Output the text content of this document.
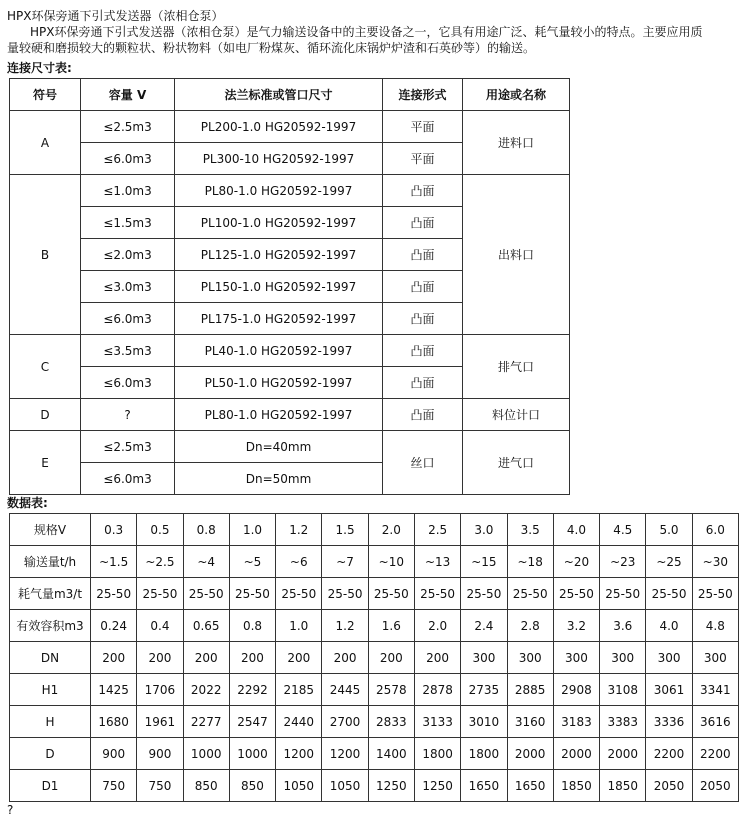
HPX环保旁通下引式发送器（浓相仓泵）

HPX环保旁通下引式发送器（浓相仓泵）是气力输送设备中的主要设备之一，它具有用途广泛、耗气量较小的特点。主要应用质量较硬和磨损较大的颗粒状、粉状物料（如电厂粉煤灰、循环流化床锅炉炉渣和石英砂等）的输送。

连接尺寸表:
符号	容量 V	法兰标准或管口尺寸	连接形式	用途或名称
A	≤2.5m3	PL200-1.0 HG20592-1997	平面	进料口
	≤6.0m3	PL300-10 HG20592-1997	平面	
B	≤1.0m3	PL80-1.0 HG20592-1997	凸面	出料口
	≤1.5m3	PL100-1.0 HG20592-1997	凸面	
	≤2.0m3	PL125-1.0 HG20592-1997	凸面	
	≤3.0m3	PL150-1.0 HG20592-1997	凸面	
	≤6.0m3	PL175-1.0 HG20592-1997	凸面	
C	≤3.5m3	PL40-1.0 HG20592-1997	凸面	排气口
	≤6.0m3	PL50-1.0 HG20592-1997	凸面	
D	?	PL80-1.0 HG20592-1997	凸面	料位计口
E	≤2.5m3	Dn=40mm	丝口	进气口
	≤6.0m3	Dn=50mm		
数据表:
规格V	0.3	0.5	0.8	1.0	1.2	1.5	2.0	2.5	3.0	3.5	4.0	4.5	5.0	6.0
输送量t/h	~1.5	~2.5	~4	~5	~6	~7	~10	~13	~15	~18	~20	~23	~25	~30
耗气量m3/t	25-50	25-50	25-50	25-50	25-50	25-50	25-50	25-50	25-50	25-50	25-50	25-50	25-50	25-50
有效容积m3	0.24	0.4	0.65	0.8	1.0	1.2	1.6	2.0	2.4	2.8	3.2	3.6	4.0	4.8
DN	200	200	200	200	200	200	200	200	300	300	300	300	300	300
H1	1425	1706	2022	2292	2185	2445	2578	2878	2735	2885	2908	3108	3061	3341
H	1680	1961	2277	2547	2440	2700	2833	3133	3010	3160	3183	3383	3336	3616
D	900	900	1000	1000	1200	1200	1400	1800	1800	2000	2000	2000	2200	2200
D1	750	750	850	850	1050	1050	1250	1250	1650	1650	1850	1850	2050	2050
?
